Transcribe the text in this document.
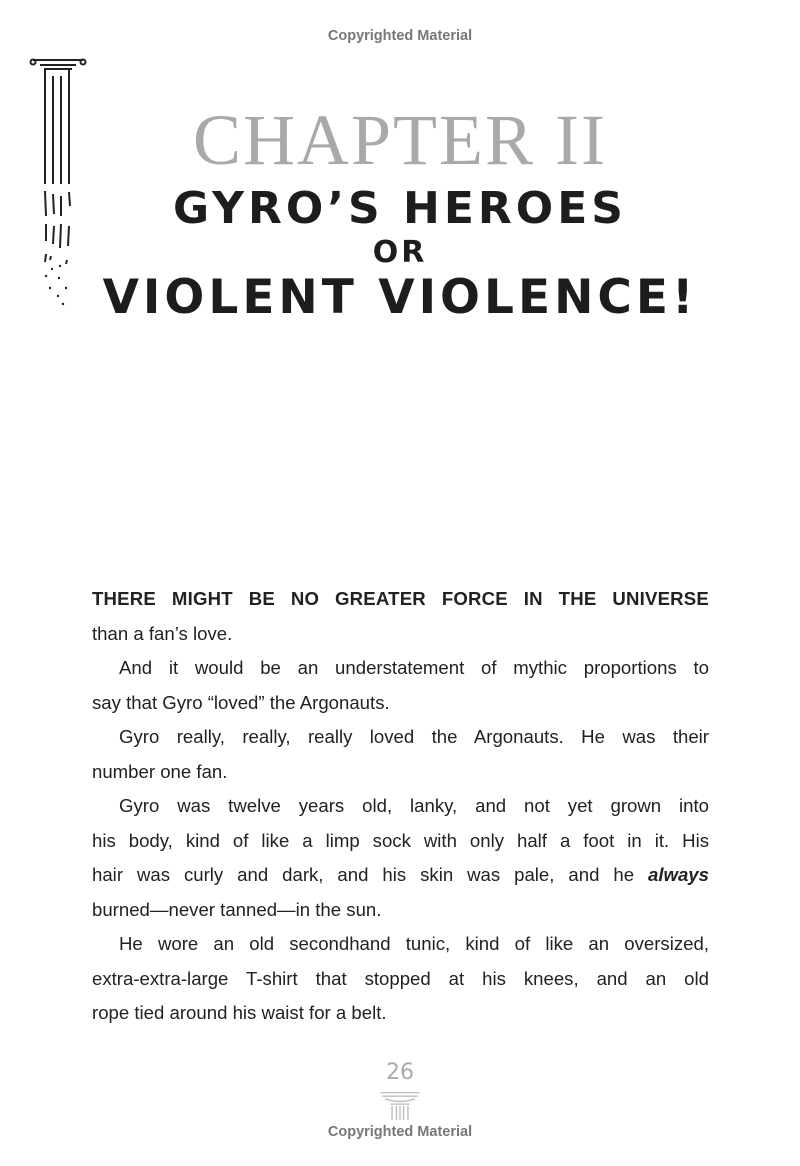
Copyrighted Material
CHAPTER II
GYRO’S HEROES
OR
VIOLENT VIOLENCE!
THERE MIGHT BE NO GREATER FORCE IN THE UNIVERSE
than a fan’s love.
And it would be an understatement of mythic proportions to
say that Gyro “loved” the Argonauts.
Gyro really, really, really loved the Argonauts. He was their
number one fan.
Gyro was twelve years old, lanky, and not yet grown into
his body, kind of like a limp sock with only half a foot in it. His
hair was curly and dark, and his skin was pale, and he always
burned—never tanned—in the sun.
He wore an old secondhand tunic, kind of like an oversized,
extra-extra-large T-shirt that stopped at his knees, and an old
rope tied around his waist for a belt.
26
Copyrighted Material
